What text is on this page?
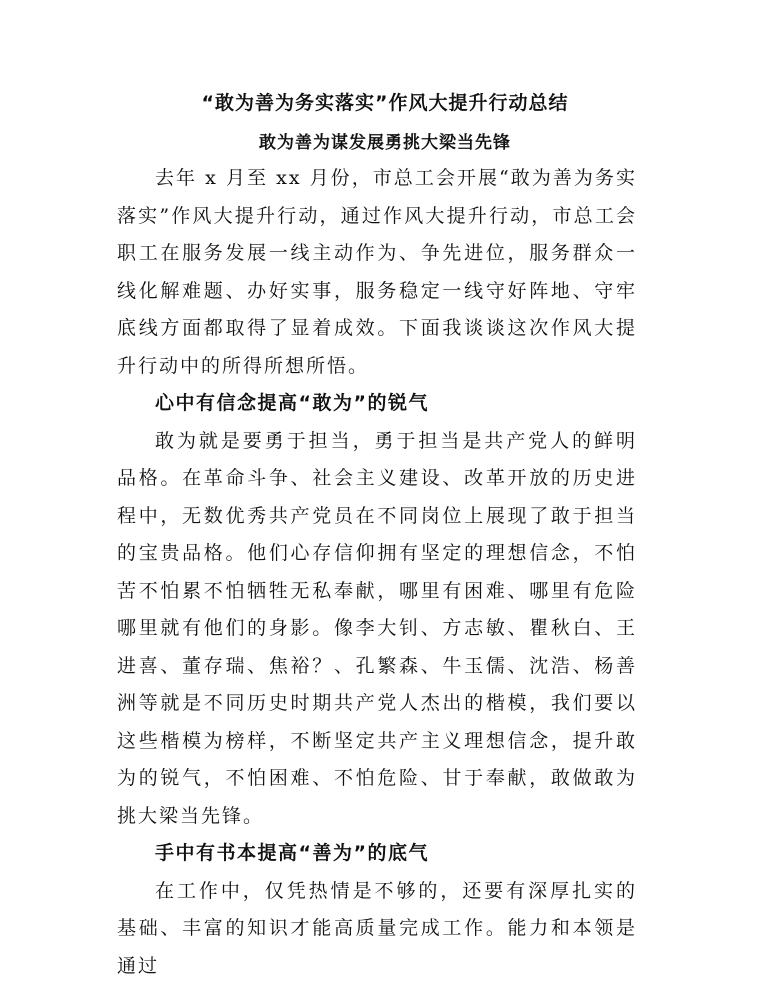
“敢为善为务实落实”作风大提升行动总结
敢为善为谋发展勇挑大梁当先锋

去年 x 月至 xx 月份，市总工会开展“敢为善为务实落实”作风大提升行动，通过作风大提升行动，市总工会职工在服务发展一线主动作为、争先进位，服务群众一线化解难题、办好实事，服务稳定一线守好阵地、守牢底线方面都取得了显着成效。下面我谈谈这次作风大提升行动中的所得所想所悟。

心中有信念提高“敢为”的锐气

敢为就是要勇于担当，勇于担当是共产党人的鲜明品格。在革命斗争、社会主义建设、改革开放的历史进程中，无数优秀共产党员在不同岗位上展现了敢于担当的宝贵品格。他们心存信仰拥有坚定的理想信念，不怕苦不怕累不怕牺牲无私奉献，哪里有困难、哪里有危险哪里就有他们的身影。像李大钊、方志敏、瞿秋白、王进喜、董存瑞、焦裕？、孔繁森、牛玉儒、沈浩、杨善洲等就是不同历史时期共产党人杰出的楷模，我们要以这些楷模为榜样，不断坚定共产主义理想信念，提升敢为的锐气，不怕困难、不怕危险、甘于奉献，敢做敢为挑大梁当先锋。

手中有书本提高“善为”的底气

在工作中，仅凭热情是不够的，还要有深厚扎实的基础、丰富的知识才能高质量完成工作。能力和本领是通过
